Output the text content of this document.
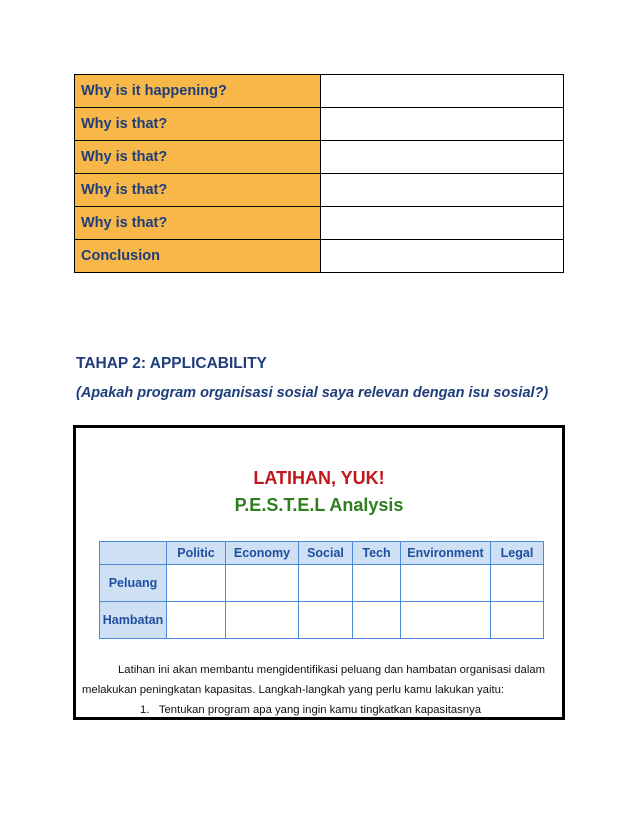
Why is it happening?	
Why is that?	
Why is that?	
Why is that?	
Why is that?	
Conclusion	
TAHAP 2: APPLICABILITY
(Apakah program organisasi sosial saya relevan dengan isu sosial?)
LATIHAN, YUK!
P.E.S.T.E.L Analysis
	Politic	Economy	Social	Tech	Environment	Legal
Peluang						
Hambatan						

Latihan ini akan membantu mengidentifikasi peluang dan hambatan organisasi dalam

melakukan peningkatan kapasitas. Langkah-langkah yang perlu kamu lakukan yaitu:

1.   Tentukan program apa yang ingin kamu tingkatkan kapasitasnya
